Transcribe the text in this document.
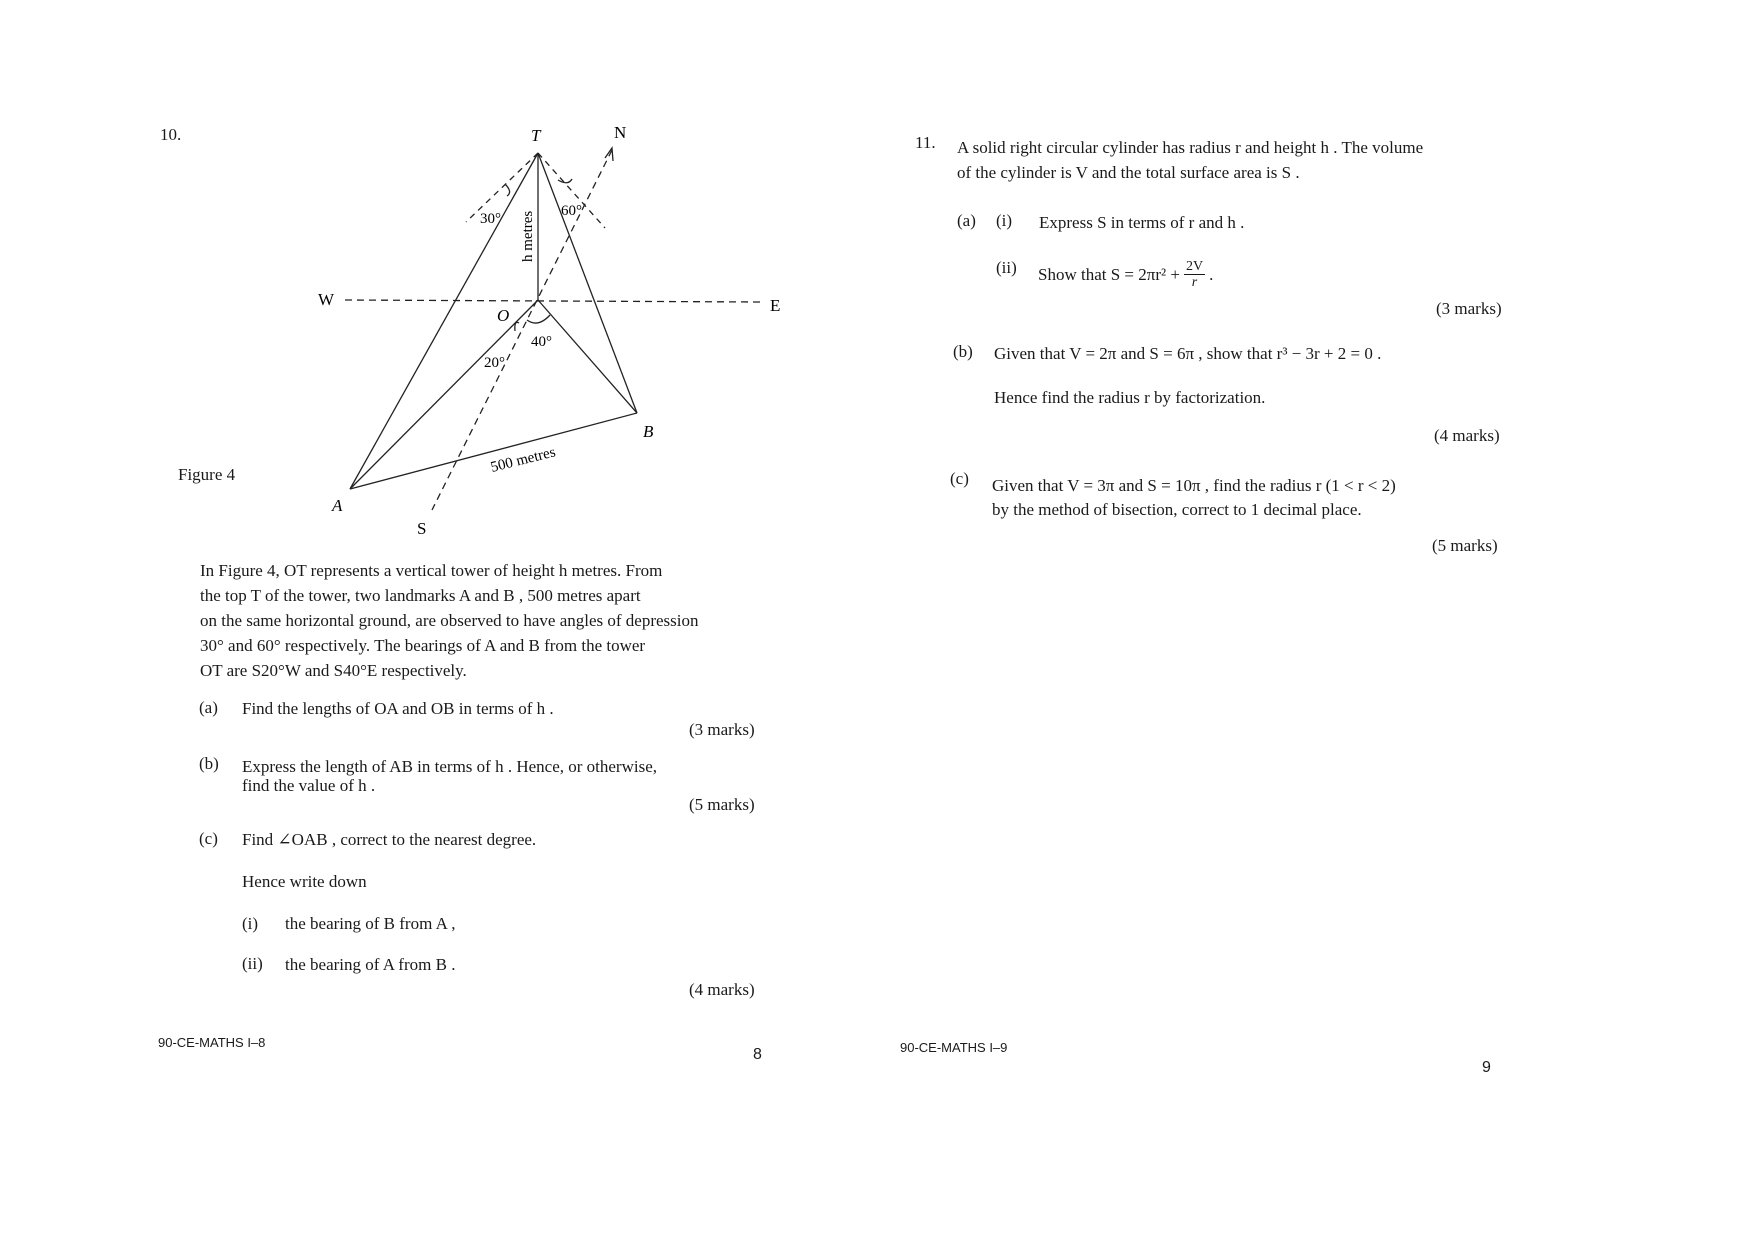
10.	T	N
W	E
S
O
A
B
30°	60°
40°
20°
h metres
500 metres
Figure 4
In Figure 4, OT represents a vertical tower of height h metres. From
the top T of the tower, two landmarks A and B , 500 metres apart
on the same horizontal ground, are observed to have angles of depression
30° and 60° respectively. The bearings of A and B from the tower
OT are S20°W and S40°E respectively.
(a) Find the lengths of OA and OB in terms of h .
(3 marks)
(b) Express the length of AB in terms of h . Hence, or otherwise,
find the value of h .
(5 marks)
(c) Find ∠OAB , correct to the nearest degree.
Hence write down
(i) the bearing of B from A ,
(ii) the bearing of A from B .
(4 marks)
90-CE-MATHS I–8
8
11. A solid right circular cylinder has radius r and height h . The volume
of the cylinder is V and the total surface area is S .
(a) (i) Express S in terms of r and h .
(ii) Show that $S = 2\pi r^2 + \frac{2V}{r}$ .
(3 marks)
(b) Given that V = 2π and S = 6π , show that r³ − 3r + 2 = 0 .
Hence find the radius r by factorization.
(4 marks)
(c) Given that V = 3π and S = 10π , find the radius r (1 < r < 2)
by the method of bisection, correct to 1 decimal place.
(5 marks)
90-CE-MATHS I–9
9
